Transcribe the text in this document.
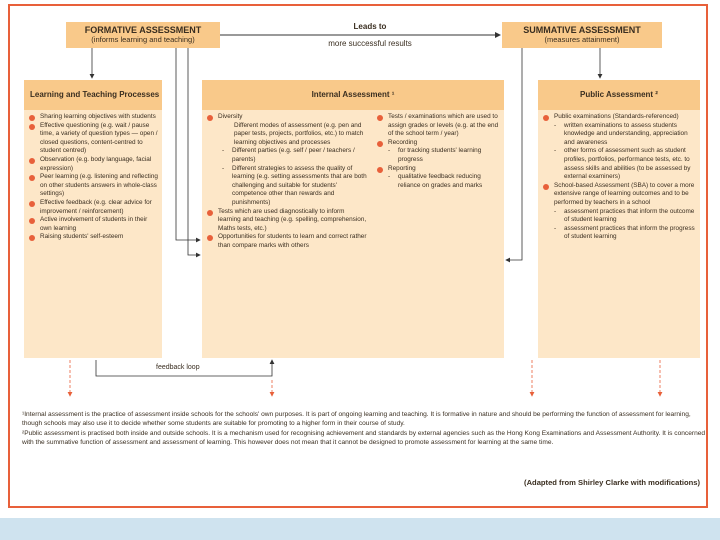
FORMATIVE ASSESSMENT
(informs learning and teaching)
SUMMATIVE ASSESSMENT
(measures attainment)
Leads to
more successful results
Learning and Teaching Processes
Sharing learning objectives with students
Effective questioning (e.g. wait / pause time, a variety of question types — open / closed questions, content-centred to student centred)
Observation (e.g. body language, facial expression)
Peer learning (e.g. listening and reflecting on other students answers in whole-class settings)
Effective feedback (e.g. clear advice for improvement / reinforcement)
Active involvement of students in their own learning
Raising students' self-esteem
Internal Assessment ¹
Diversity
Different modes of assessment (e.g. pen and paper tests, projects, portfolios, etc.) to match learning objectives and processes
- Different parties (e.g. self / peer / teachers / parents)
- Different strategies to assess the quality of learning (e.g. setting assessments that are both challenging and suitable for students' competence other than rewards and punishments)
Tests which are used diagnostically to inform learning and teaching (e.g. spelling, comprehension, Maths tests, etc.)
Opportunities for students to learn and correct rather than compare marks with others
Tests / examinations which are used to assign grades or levels (e.g. at the end of the school term / year)
Recording
- for tracking students' learning progress
Reporting
- qualitative feedback reducing reliance on grades and marks
Public Assessment ²
Public examinations (Standards-referenced)
- written examinations to assess students knowledge and understanding, appreciation and awareness
- other forms of assessment such as student profiles, portfolios, performance tests, etc. to assess skills and abilities (to be assessed by external examiners)
School-based Assessment (SBA) to cover a more extensive range of learning outcomes and to be performed by teachers in a school
- assessment practices that inform the outcome of student learning
- assessment practices that inform the progress of student learning
feedback loop
¹Internal assessment is the practice of assessment inside schools for the schools' own purposes. It is part of ongoing learning and teaching. It is formative in nature and should be performing the function of assessment for learning, though schools may also use it to decide whether some students are suitable for promoting to a higher form in their course of study.
²Public assessment is practised both inside and outside schools. It is a mechanism used for recognising achievement and standards by external agencies such as the Hong Kong Examinations and Assessment Authority. It is concerned with the summative function of assessment and assessment of learning. This however does not mean that it cannot be designed to promote assessment for learning at the same time.
(Adapted from Shirley Clarke with modifications)
